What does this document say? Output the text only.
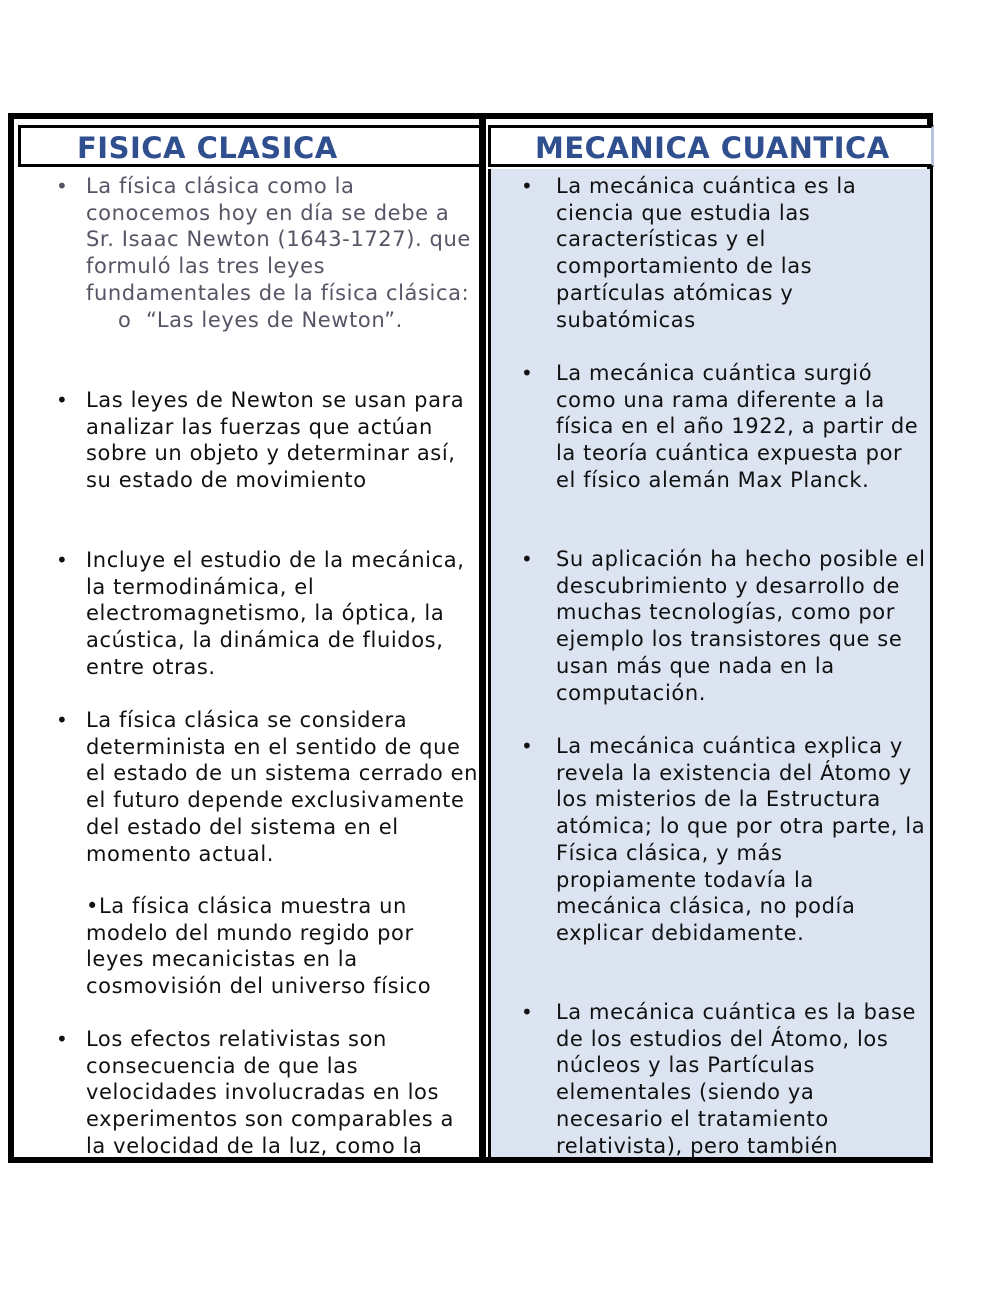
FISICA CLASICA	MECANICA CUANTICA
• La física clásica como la conocemos hoy en día se debe a Sr. Isaac Newton (1643-1727). que formuló las tres leyes fundamentales de la física clásica:
o “Las leyes de Newton”.
• Las leyes de Newton se usan para analizar las fuerzas que actúan sobre un objeto y determinar así, su estado de movimiento
• Incluye el estudio de la mecánica, la termodinámica, el electromagnetismo, la óptica, la acústica, la dinámica de fluidos, entre otras.
• La física clásica se considera determinista en el sentido de que el estado de un sistema cerrado en el futuro depende exclusivamente del estado del sistema en el momento actual.
•La física clásica muestra un modelo del mundo regido por leyes mecanicistas en la cosmovisión del universo físico
• Los efectos relativistas son consecuencia de que las velocidades involucradas en los experimentos son comparables a la velocidad de la luz, como la
• La mecánica cuántica es la ciencia que estudia las características y el comportamiento de las partículas atómicas y subatómicas
• La mecánica cuántica surgió como una rama diferente a la física en el año 1922, a partir de la teoría cuántica expuesta por el físico alemán Max Planck.
• Su aplicación ha hecho posible el descubrimiento y desarrollo de muchas tecnologías, como por ejemplo los transistores que se usan más que nada en la computación.
• La mecánica cuántica explica y revela la existencia del Átomo y los misterios de la Estructura atómica; lo que por otra parte, la Física clásica, y más propiamente todavía la mecánica clásica, no podía explicar debidamente.
• La mecánica cuántica es la base de los estudios del Átomo, los núcleos y las Partículas elementales (siendo ya necesario el tratamiento relativista), pero también
